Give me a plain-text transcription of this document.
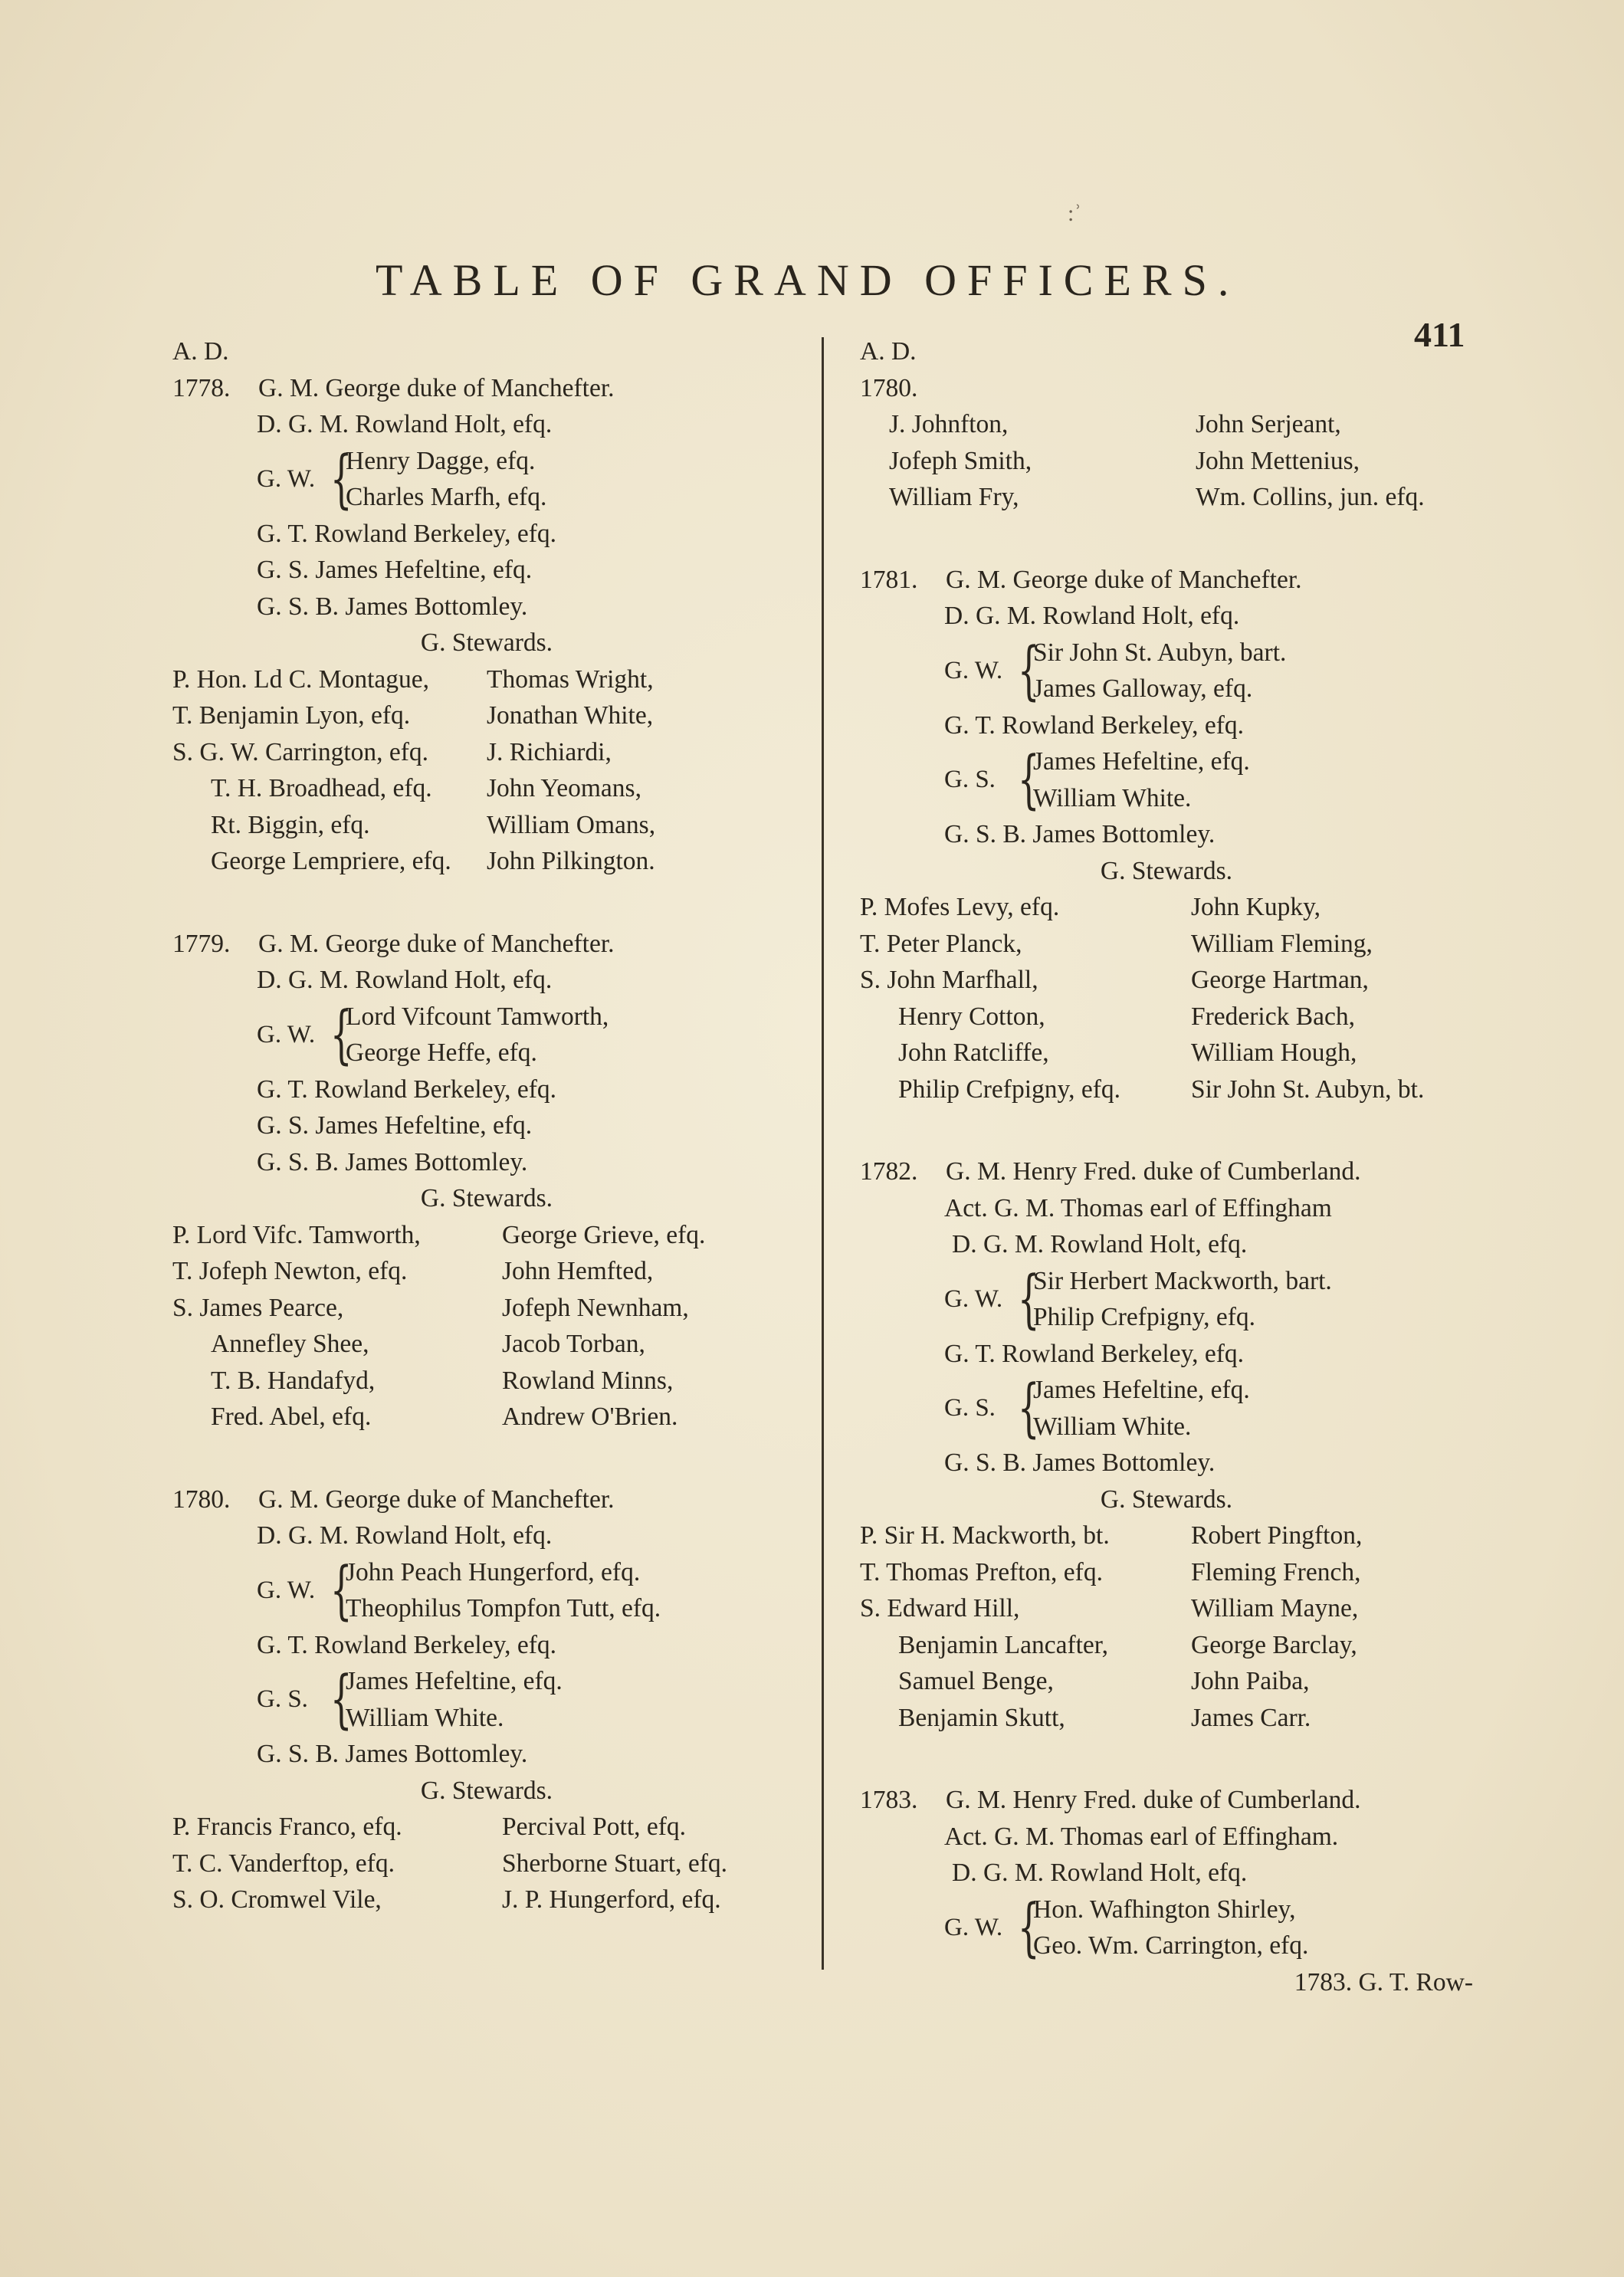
:ʾ
TABLE OF GRAND OFFICERS.
411
A. D.
1778. G. M. George duke of Manchefter.
D. G. M. Rowland Holt, efq.
G. W. {
Henry Dagge, efq.
Charles Marfh, efq.
G. T. Rowland Berkeley, efq.
G. S. James Hefeltine, efq.
G. S. B. James Bottomley.
G. Stewards.
P. Hon. Ld C. Montague,	Thomas Wright,
T. Benjamin Lyon, efq.	Jonathan White,
S. G. W. Carrington, efq.	J. Richiardi,
T. H. Broadhead, efq.	John Yeomans,
Rt. Biggin, efq.	William Omans,
George Lempriere, efq.	John Pilkington.
1779. G. M. George duke of Manchefter.
D. G. M. Rowland Holt, efq.
G. W. {
Lord Vifcount Tamworth,
George Heffe, efq.
G. T. Rowland Berkeley, efq.
G. S. James Hefeltine, efq.
G. S. B. James Bottomley.
G. Stewards.
P. Lord Vifc. Tamworth,	George Grieve, efq.
T. Jofeph Newton, efq.	John Hemfted,
S. James Pearce,	Jofeph Newnham,
Annefley Shee,	Jacob Torban,
T. B. Handafyd,	Rowland Minns,
Fred. Abel, efq.	Andrew O'Brien.
1780. G. M. George duke of Manchefter.
D. G. M. Rowland Holt, efq.
G. W. {
John Peach Hungerford, efq.
Theophilus Tompfon Tutt, efq.
G. T. Rowland Berkeley, efq.
G. S. {
James Hefeltine, efq.
William White.
G. S. B. James Bottomley.
G. Stewards.
P. Francis Franco, efq.	Percival Pott, efq.
T. C. Vanderftop, efq.	Sherborne Stuart, efq.
S. O. Cromwel Vile,	J. P. Hungerford, efq.
A. D.
1780.
J. Johnfton,	John Serjeant,
Jofeph Smith,	John Mettenius,
William Fry,	Wm. Collins, jun. efq.
1781. G. M. George duke of Manchefter.
D. G. M. Rowland Holt, efq.
G. W. {
Sir John St. Aubyn, bart.
James Galloway, efq.
G. T. Rowland Berkeley, efq.
G. S. {
James Hefeltine, efq.
William White.
G. S. B. James Bottomley.
G. Stewards.
P. Mofes Levy, efq.	John Kupky,
T. Peter Planck,	William Fleming,
S. John Marfhall,	George Hartman,
Henry Cotton,	Frederick Bach,
John Ratcliffe,	William Hough,
Philip Crefpigny, efq.	Sir John St. Aubyn, bt.
1782. G. M. Henry Fred. duke of Cumberland.
Act. G. M. Thomas earl of Effingham
D. G. M. Rowland Holt, efq.
G. W. {
Sir Herbert Mackworth, bart.
Philip Crefpigny, efq.
G. T. Rowland Berkeley, efq.
G. S. {
James Hefeltine, efq.
William White.
G. S. B. James Bottomley.
G. Stewards.
P. Sir H. Mackworth, bt.	Robert Pingfton,
T. Thomas Prefton, efq.	Fleming French,
S. Edward Hill,	William Mayne,
Benjamin Lancafter,	George Barclay,
Samuel Benge,	John Paiba,
Benjamin Skutt,	James Carr.
1783. G. M. Henry Fred. duke of Cumberland.
Act. G. M. Thomas earl of Effingham.
D. G. M. Rowland Holt, efq.
G. W. {
Hon. Wafhington Shirley,
Geo. Wm. Carrington, efq.
1783. G. T. Row-
